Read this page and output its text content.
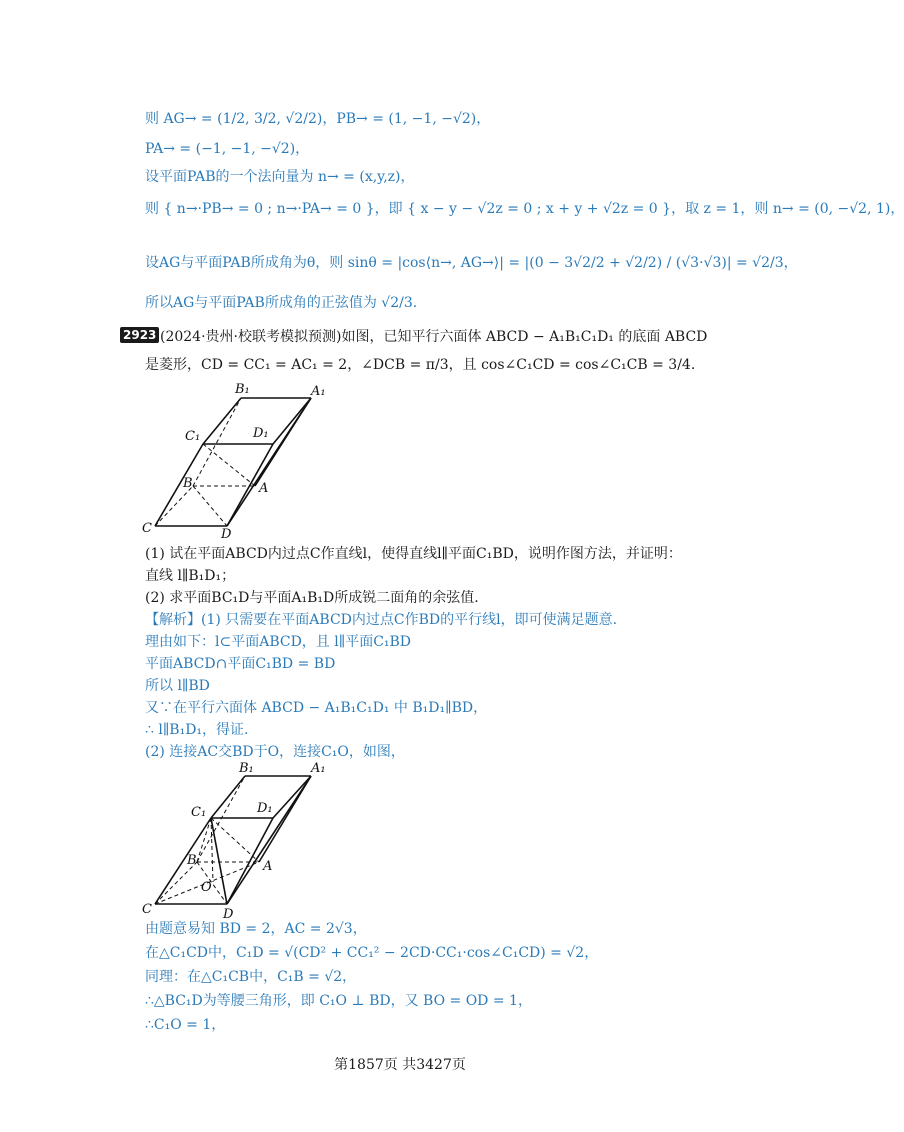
则 AG→ = (1/2, 3/2, √2/2)，PB→ = (1, −1, −√2)，
PA→ = (−1, −1, −√2)，
设平面PAB的一个法向量为 n→ = (x,y,z)，
则 { n→·PB→ = 0 ; n→·PA→ = 0 }，即 { x − y − √2z = 0 ; x + y + √2z = 0 }，取 z = 1，则 n→ = (0, −√2, 1)，
设AG与平面PAB所成角为θ，则 sinθ = |cos⟨n→, AG→⟩| = |(0 − 3√2/2 + √2/2) / (√3·√3)| = √2/3，
所以AG与平面PAB所成角的正弦值为 √2/3.
2923 (2024·贵州·校联考模拟预测)如图，已知平行六面体 ABCD − A₁B₁C₁D₁ 的底面 ABCD
是菱形，CD = CC₁ = AC₁ = 2，∠DCB = π/3，且 cos∠C₁CD = cos∠C₁CB = 3/4.
B₁	A₁
C₁	D₁
B	A
C	D
(1) 试在平面ABCD内过点C作直线l，使得直线l∥平面C₁BD，说明作图方法，并证明：
直线 l∥B₁D₁；
(2) 求平面BC₁D与平面A₁B₁D所成锐二面角的余弦值.
【解析】(1) 只需要在平面ABCD内过点C作BD的平行线l，即可使满足题意.
理由如下：l⊂平面ABCD，且 l∥平面C₁BD
平面ABCD∩平面C₁BD = BD
所以 l∥BD
又∵在平行六面体 ABCD − A₁B₁C₁D₁ 中 B₁D₁∥BD，
∴ l∥B₁D₁，得证.
(2) 连接AC交BD于O，连接C₁O，如图，
B₁	A₁
C₁	D₁
B	A
O
C	D
由题意易知 BD = 2，AC = 2√3，
在△C₁CD中，C₁D = √(CD² + CC₁² − 2CD·CC₁·cos∠C₁CD) = √2，
同理：在△C₁CB中，C₁B = √2，
∴△BC₁D为等腰三角形，即 C₁O ⊥ BD，又 BO = OD = 1，
∴C₁O = 1，
第1857页 共3427页
